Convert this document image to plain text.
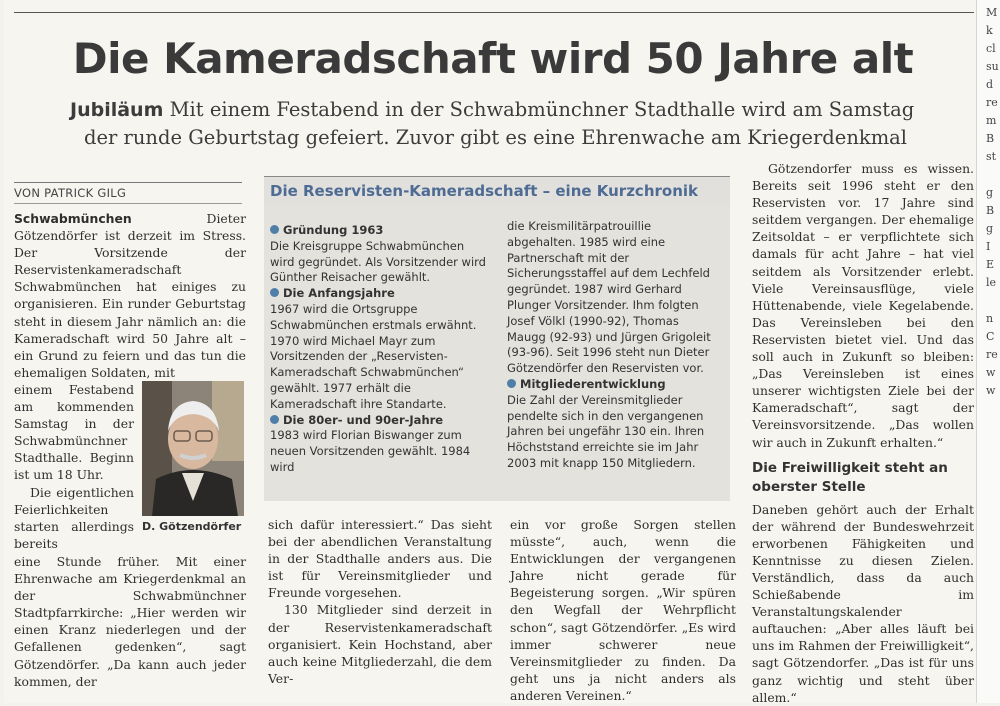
M
k
cl
su
d
re
m
B
st

g
B
g
I
E
le

n
C
re
w
w
Die Kameradschaft wird 50 Jahre alt
Jubiläum Mit einem Festabend in der Schwabmünchner Stadthalle wird am Samstag
der runde Geburtstag gefeiert. Zuvor gibt es eine Ehrenwache am Kriegerdenkmal
VON PATRICK GILG

Schwabmünchen	Dieter Götzendörfer ist derzeit im Stress. Der Vorsitzende der Reservistenkameradschaft Schwabmünchen hat einiges zu organisieren. Ein runder Geburtstag steht in diesem Jahr nämlich an: die Kameradschaft wird 50 Jahre alt – ein Grund zu feiern und das tun die ehemaligen Soldaten, mit

einem Festabend am kommenden Samstag in der Schwabmünchner Stadthalle. Beginn ist um 18 Uhr.

Die eigentlichen Feierlichkeiten starten allerdings bereits

eine Stunde früher. Mit einer Ehrenwache am Kriegerdenkmal an der Schwabmünchner Stadtpfarrkirche: „Hier werden wir einen Kranz niederlegen und der Gefallenen gedenken“, sagt Götzendörfer. „Da kann auch jeder kommen, der

D. Götzendörfer
Die Reservisten-Kameradschaft – eine Kurzchronik
Gründung 1963
Die Kreisgruppe Schwabmünchen wird gegründet. Als Vorsitzender wird Günther Reisacher gewählt.
Die Anfangsjahre
1967 wird die Ortsgruppe Schwabmünchen erstmals erwähnt. 1970 wird Michael Mayr zum Vorsitzenden der „Reservisten-Kameradschaft Schwabmünchen“ gewählt. 1977 erhält die Kameradschaft ihre Standarte.
Die 80er- und 90er-Jahre
1983 wird Florian Biswanger zum neuen Vorsitzenden gewählt. 1984 wird
die Kreismilitärpatrouillie abgehalten. 1985 wird eine Partnerschaft mit der Sicherungsstaffel auf dem Lechfeld gegründet. 1987 wird Gerhard Plunger Vorsitzender. Ihm folgten Josef Völkl (1990-92), Thomas Maugg (92-93) und Jürgen Grigoleit (93-96). Seit 1996 steht nun Dieter Götzendörfer den Reservisten vor.
Mitgliederentwicklung
Die Zahl der Vereinsmitglieder pendelte sich in den vergangenen Jahren bei ungefähr 130 ein. Ihren Höchststand erreichte sie im Jahr 2003 mit knapp 150 Mitgliedern.

sich dafür interessiert.“ Das sieht bei der abendlichen Veranstaltung in der Stadthalle anders aus. Die ist für Vereinsmitglieder und Freunde vorgesehen.

130 Mitglieder sind derzeit in der Reservistenkameradschaft organisiert. Kein Hochstand, aber auch keine Mitgliederzahl, die dem Ver-

ein vor große Sorgen stellen müsste“, auch, wenn die Entwicklungen der vergangenen Jahre nicht gerade für Begeisterung sorgen. „Wir spüren den Wegfall der Wehrpflicht schon“, sagt Götzendörfer. „Es wird immer schwerer neue Vereinsmitglieder zu finden. Da geht uns ja nicht anders als anderen Vereinen.“

Götzendorfer muss es wissen. Bereits seit 1996 steht er den Reservisten vor. 17 Jahre sind seitdem vergangen. Der ehemalige Zeitsoldat – er verpflichtete sich damals für acht Jahre – hat viel seitdem als Vorsitzender erlebt. Viele Vereinsausflüge, viele Hüttenabende, viele Kegelabende. Das Vereinsleben bei den Reservisten bietet viel. Und das soll auch in Zukunft so bleiben: „Das Vereinsleben ist eines unserer wichtigsten Ziele bei der Kameradschaft“, sagt der Vereinsvorsitzende. „Das wollen wir auch in Zukunft erhalten.“

Die Freiwilligkeit steht an oberster Stelle

Daneben gehört auch der Erhalt der während der Bundeswehrzeit erworbenen Fähigkeiten und Kenntnisse zu diesen Zielen. Verständlich, dass da auch Schießabende im Veranstaltungskalender auftauchen: „Aber alles läuft bei uns im Rahmen der Freiwilligkeit“, sagt Götzendorfer. „Das ist für uns ganz wichtig und steht über allem.“
